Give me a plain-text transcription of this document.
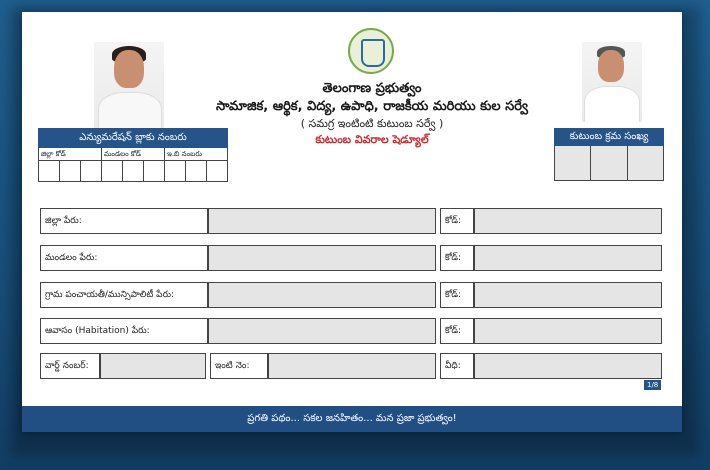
తెలంగాణ ప్రభుత్వం
సామాజిక, ఆర్థిక, విద్య, ఉపాధి, రాజకీయ మరియు కుల సర్వే
( సమగ్ర ఇంటింటి కుటుంబ సర్వే )
కుటుంబ వివరాల షెడ్యూల్
ఎన్యుమరేషన్ బ్లాకు నంబరు
జిల్లా కోడ్	మండలం కోడ్	ఇ.బి నంబరు
కుటుంబ క్రమ సంఖ్య
జిల్లా పేరు:	కోడ్:
మండలం పేరు:	కోడ్:
గ్రామ పంచాయతీ/మున్సిపాలిటీ పేరు:	కోడ్:
ఆవాసం (Habitation) పేరు:	కోడ్:
వార్డ్ నంబర్:	ఇంటి నెం:	వీధి:
1/8
ప్రగతి పథం... సకల జనహితం... మన ప్రజా ప్రభుత్వం!
